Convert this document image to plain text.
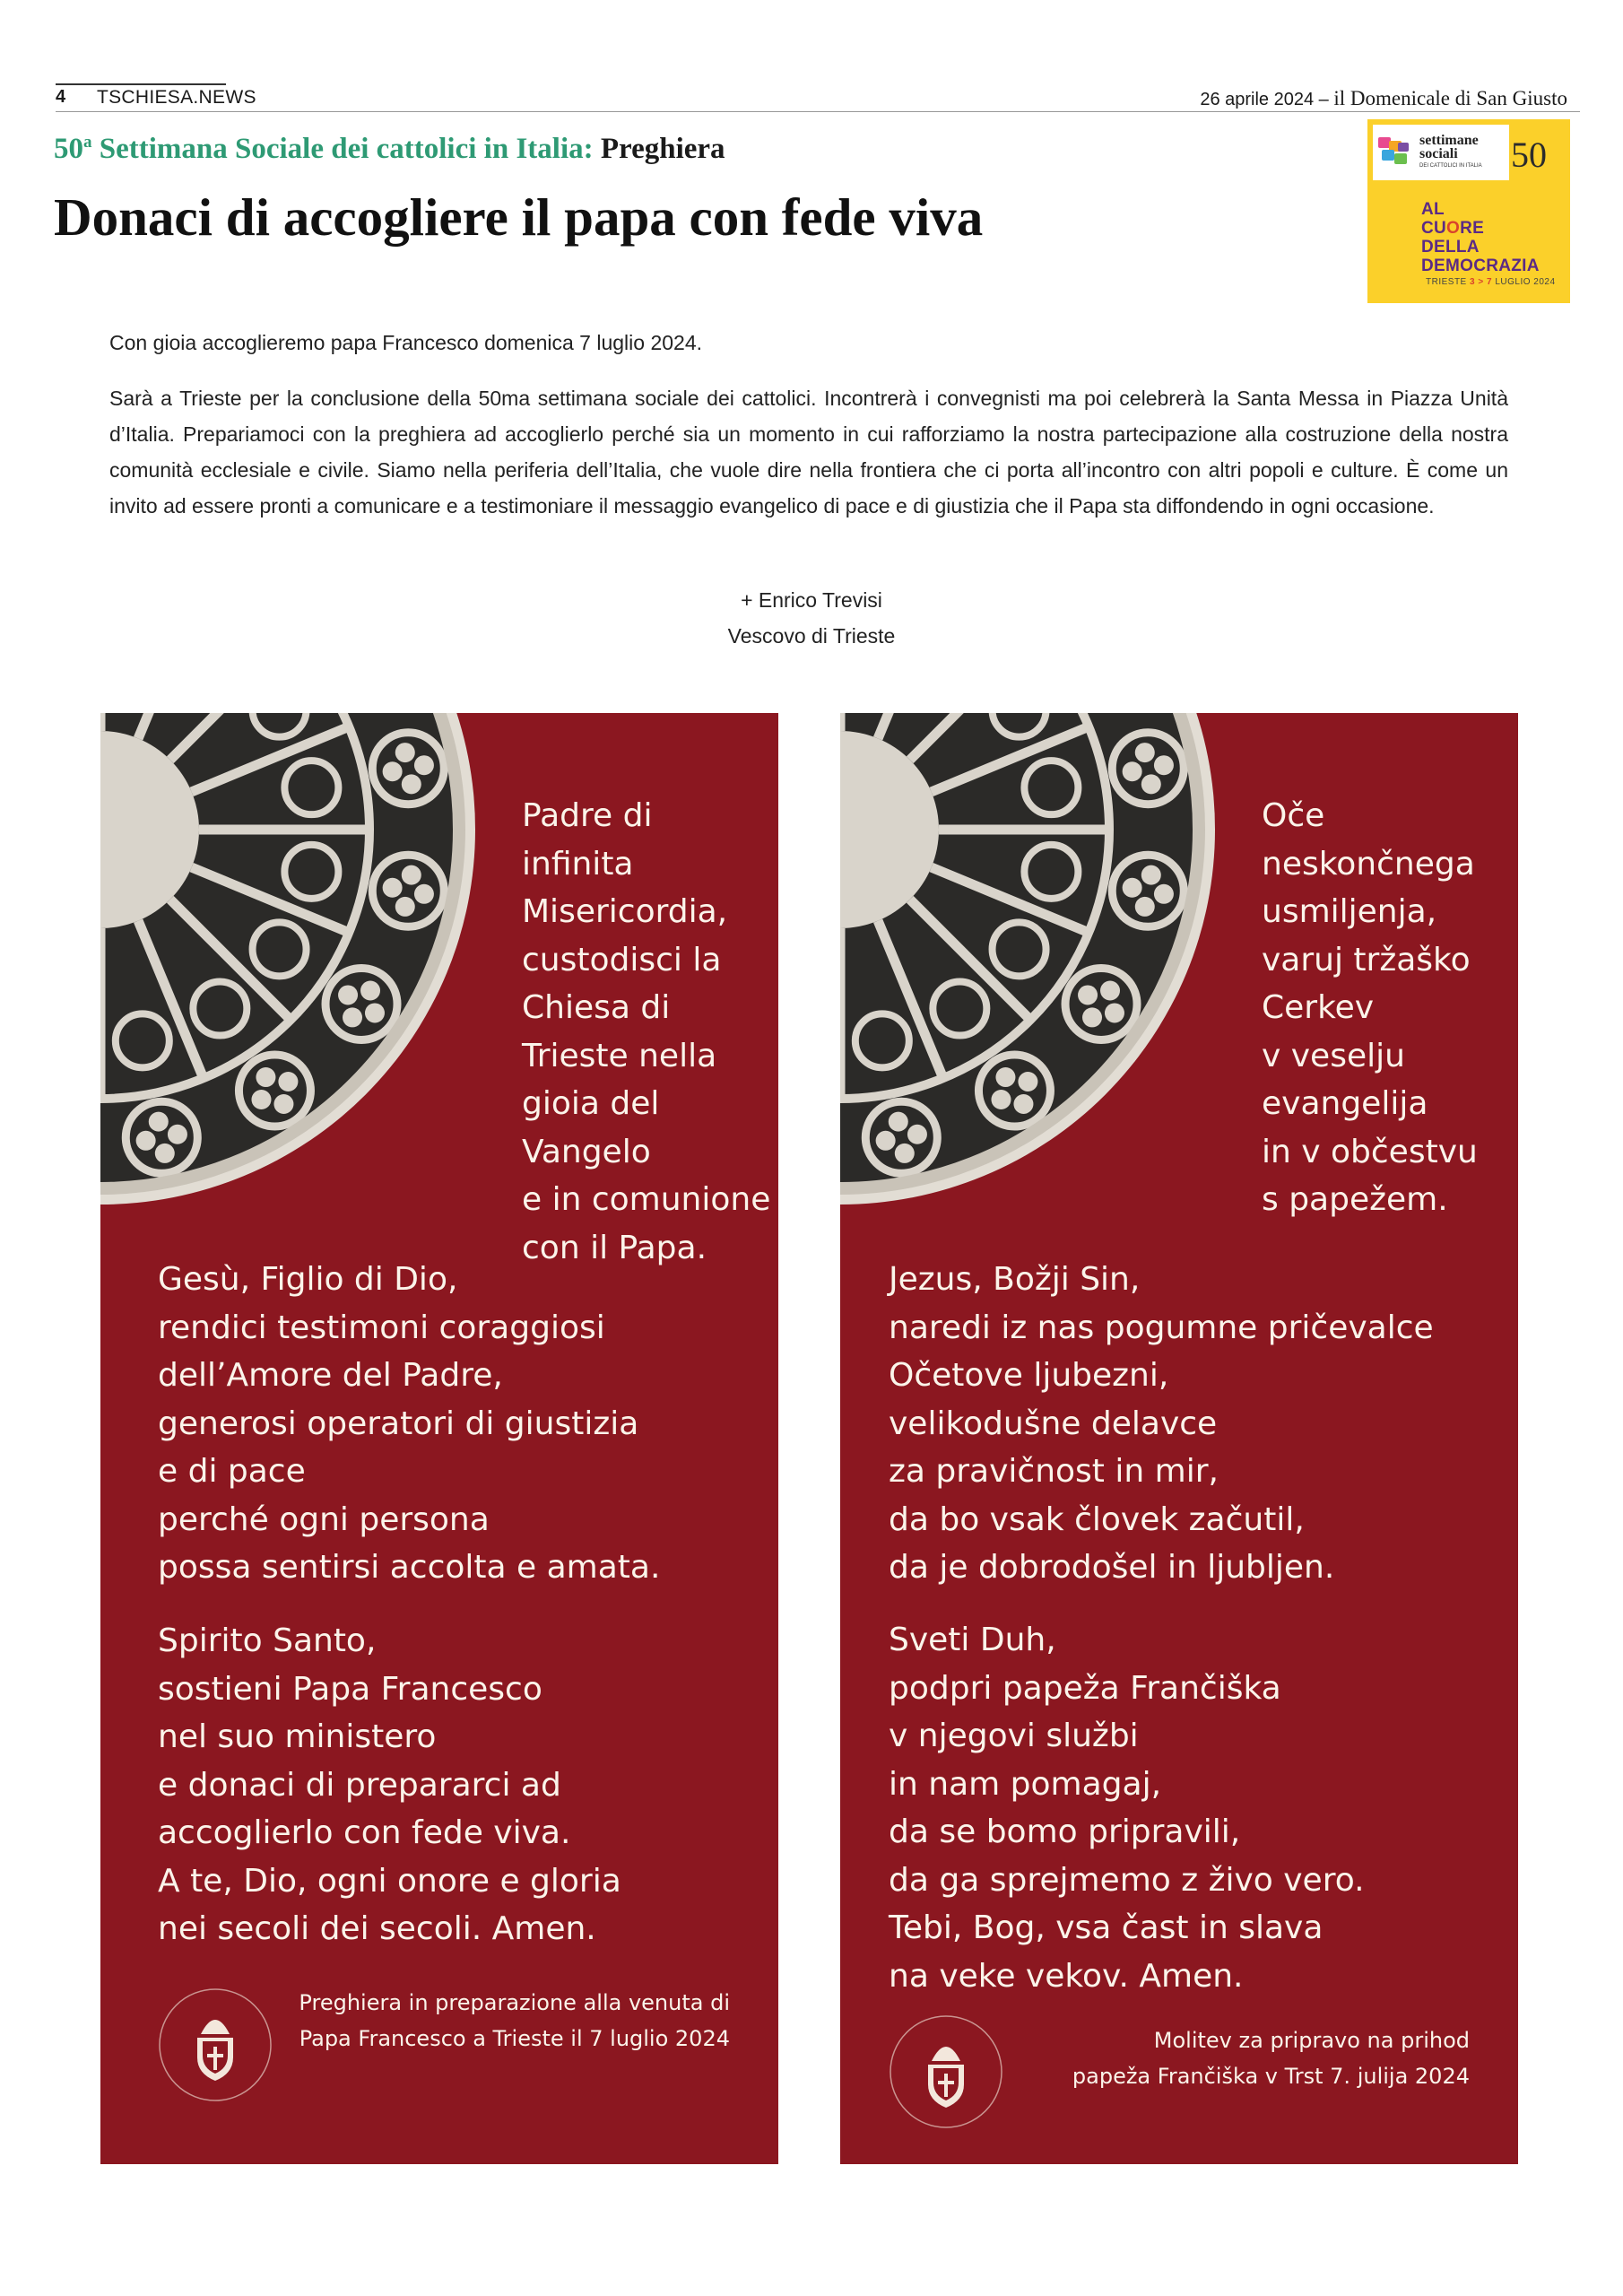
4 TSCHIESA.NEWS	26 aprile 2024 – il Domenicale di San Giusto
50$^a$ Settimana Sociale dei cattolici in Italia: Preghiera
Donaci di accogliere il papa con fede viva
settimane
sociali
DEI CATTOLICI IN ITALIA 50
AL
CUORE
DELLA
DEMOCRAZIA
TRIESTE 3 > 7 LUGLIO 2024

Con gioia accoglieremo papa Francesco domenica 7 luglio 2024.

Sarà a Trieste per la conclusione della 50ma settimana sociale dei cattolici. Incontrerà i convegnisti ma poi celebrerà la Santa Messa in Piazza Unità d’Italia. Prepariamoci con la preghiera ad accoglierlo perché sia un momento in cui rafforziamo la nostra partecipazione alla costruzione della nostra comunità ecclesiale e civile. Siamo nella periferia dell’Italia, che vuole dire nella frontiera che ci porta all’incontro con altri popoli e culture. È come un invito ad essere pronti a comunicare e a testimoniare il messaggio evangelico di pace e di giustizia che il Papa sta diffondendo in ogni occasione.

+ Enrico Trevisi
Vescovo di Trieste
Padre di
infinita
Misericordia,
custodisci la
Chiesa di
Trieste nella
gioia del Vangelo
e in comunione
con il Papa.
Gesù, Figlio di Dio,
rendici testimoni coraggiosi
dell’Amore del Padre,
generosi operatori di giustizia
e di pace
perché ogni persona
possa sentirsi accolta e amata.
Spirito Santo,
sostieni Papa Francesco
nel suo ministero
e donaci di prepararci ad
accoglierlo con fede viva.
A te, Dio, ogni onore e gloria
nei secoli dei secoli. Amen.
Preghiera in preparazione alla venuta di
Papa Francesco a Trieste il 7 luglio 2024
Oče
neskončnega
usmiljenja,
varuj tržaško
Cerkev
v veselju
evangelija
in v občestvu
s papežem.
Jezus, Božji Sin,
naredi iz nas pogumne pričevalce
Očetove ljubezni,
velikodušne delavce
za pravičnost in mir,
da bo vsak človek začutil,
da je dobrodošel in ljubljen.
Sveti Duh,
podpri papeža Frančiška
v njegovi službi
in nam pomagaj,
da se bomo pripravili,
da ga sprejmemo z živo vero.
Tebi, Bog, vsa čast in slava
na veke vekov. Amen.
Molitev za pripravo na prihod
papeža Frančiška v Trst 7. julija 2024
